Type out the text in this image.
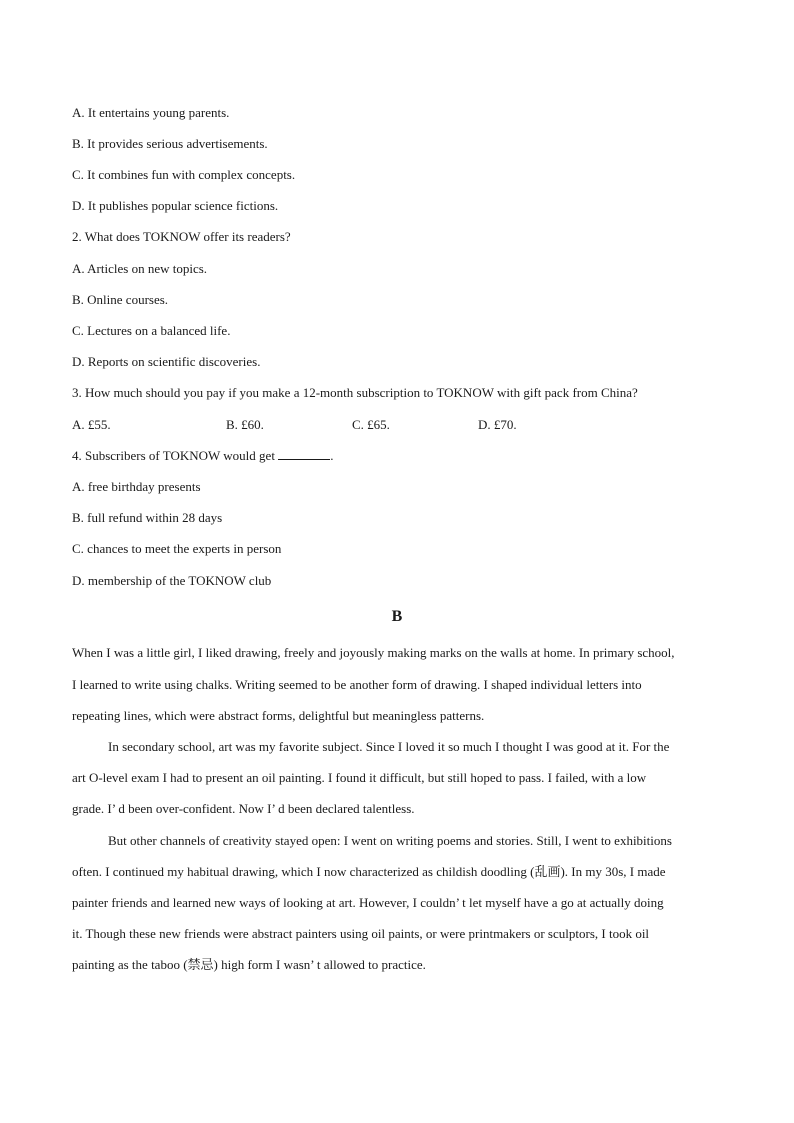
A. It entertains young parents.
B. It provides serious advertisements.
C. It combines fun with complex concepts.
D. It publishes popular science fictions.
2. What does TOKNOW offer its readers?
A. Articles on new topics.
B. Online courses.
C. Lectures on a balanced life.
D. Reports on scientific discoveries.
3. How much should you pay if you make a 12-month subscription to TOKNOW with gift pack from China?
A. £55.	B. £60.	C. £65.	D. £70.
4. Subscribers of TOKNOW would get	.
A. free birthday presents
B. full refund within 28 days
C. chances to meet the experts in person
D. membership of the TOKNOW club
B
When I was a little girl, I liked drawing, freely and joyously making marks on the walls at home. In primary school,
I learned to write using chalks. Writing seemed to be another form of drawing. I shaped individual letters into
repeating lines, which were abstract forms, delightful but meaningless patterns.
In secondary school, art was my favorite subject. Since I loved it so much I thought I was good at it. For the
art O-level exam I had to present an oil painting. I found it difficult, but still hoped to pass. I failed, with a low
grade. I’ d been over-confident. Now I’ d been declared talentless.
But other channels of creativity stayed open: I went on writing poems and stories. Still, I went to exhibitions
often. I continued my habitual drawing, which I now characterized as childish doodling (乱画). In my 30s, I made
painter friends and learned new ways of looking at art. However, I couldn’ t let myself have a go at actually doing
it. Though these new friends were abstract painters using oil paints, or were printmakers or sculptors, I took oil
painting as the taboo (禁忌) high form I wasn’ t allowed to practice.
